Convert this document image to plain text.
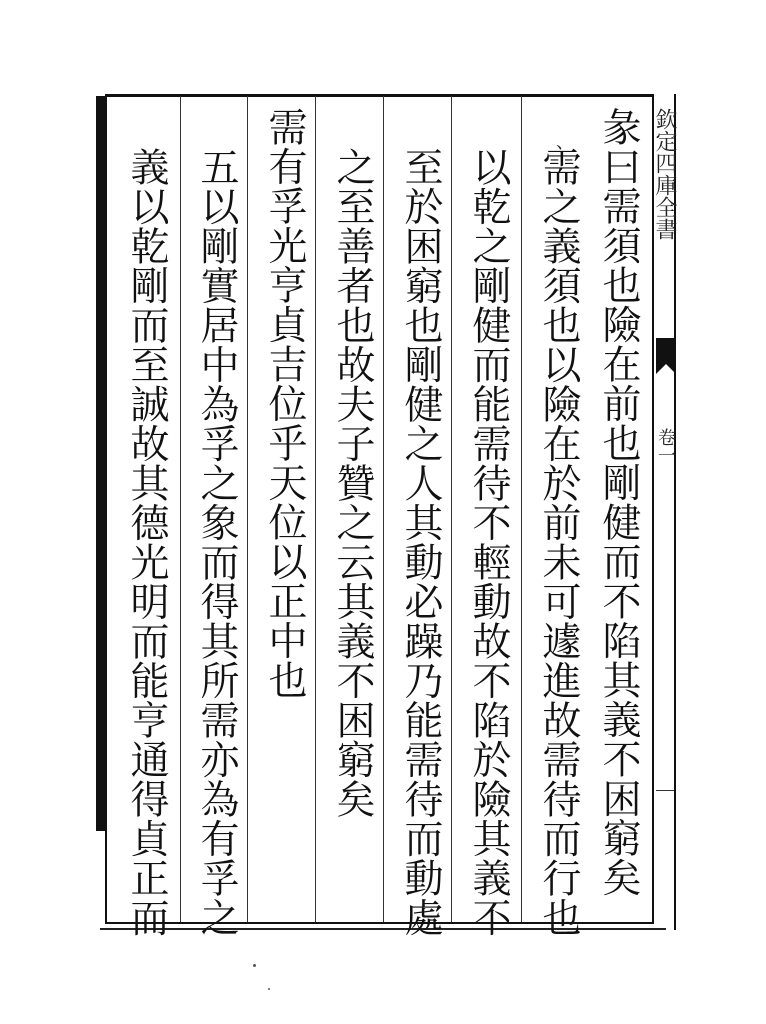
彖曰需須也險在前也剛健而不陷其義不困窮矣
、
需之義須也以險在於前未可遽進故需待而行也
以乾之剛健而能需待不輕動故不陷於險其義不
至於困窮也剛健之人其動必躁乃能需待而動處
之至善者也故夫子贊之云其義不困窮矣
需有孚光亨貞吉位乎天位以正中也
五以剛實居中為孚之象而得其所需亦為有孚之
義以乾剛而至誠故其德光明而能亨通得貞正而	欽定四庫全書
卷一
